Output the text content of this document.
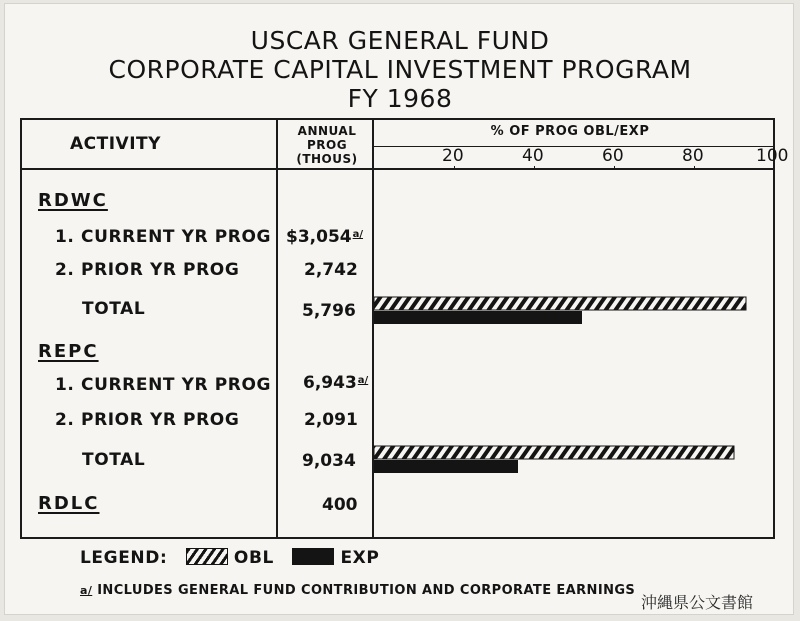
USCAR GENERAL FUND
CORPORATE CAPITAL INVESTMENT PROGRAM
FY 1968
ACTIVITY
ANNUAL
PROG
(THOUS)
% OF PROG OBL/EXP
20	40	60	80	100
RDWC
1. CURRENT YR PROG $3,054$^{a/}$
2. PRIOR YR PROG	2,742
TOTAL	5,796
REPC
1. CURRENT YR PROG 6,943$^{a/}$
2. PRIOR YR PROG	2,091
TOTAL	9,034
RDLC	400
LEGEND:	OBL	EXP
a/ INCLUDES GENERAL FUND CONTRIBUTION AND CORPORATE EARNINGS
沖縄県公文書館
